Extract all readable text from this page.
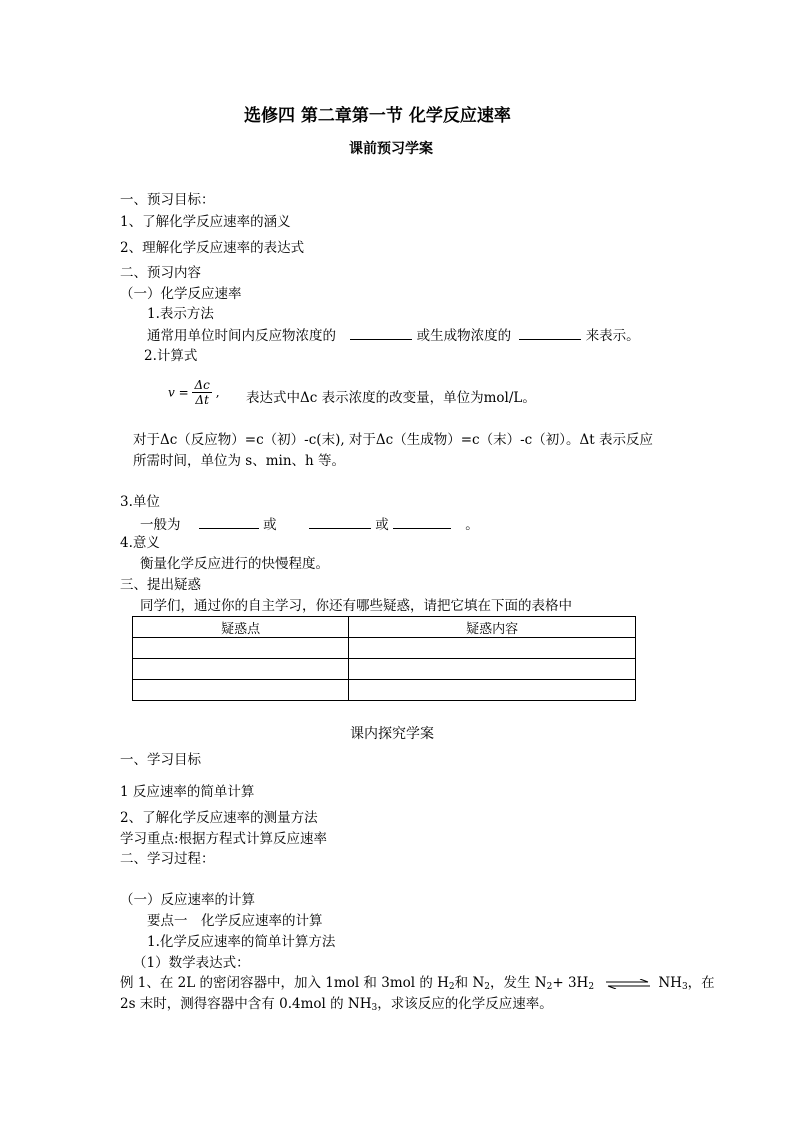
选修四 第二章第一节 化学反应速率
课前预习学案
一、预习目标：
1、了解化学反应速率的涵义
2、理解化学反应速率的表达式
二、预习内容
（一）化学反应速率
1.表示方法
通常用单位时间内反应物浓度的	或生成物浓度的	来表示。
2.计算式
$v = \frac{\Delta c}{\Delta t}$ , 表达式中Δc 表示浓度的改变量，单位为mol/L。
对于Δc（反应物）=c（初）-c(末), 对于Δc（生成物）=c（末）-c（初）。Δt 表示反应
所需时间，单位为 s、min、h 等。
3.单位
一般为	或	或	。
4.意义
衡量化学反应进行的快慢程度。
三、提出疑惑
同学们，通过你的自主学习，你还有哪些疑惑，请把它填在下面的表格中
疑惑点	疑惑内容

课内探究学案
一、学习目标
1 反应速率的简单计算
2、了解化学反应速率的测量方法
学习重点:根据方程式计算反应速率
二、学习过程：
（一）反应速率的计算
要点一　化学反应速率的计算
1.化学反应速率的简单计算方法
（1）数学表达式：
例 1、在 2L 的密闭容器中，加入 1mol 和 3mol 的 $H_2$和 $N_2$，发生 $N_2+ 3H_2$ ⇌ $NH_3$，在
2s 末时，测得容器中含有 0.4mol 的 $NH_3$，求该反应的化学反应速率。
